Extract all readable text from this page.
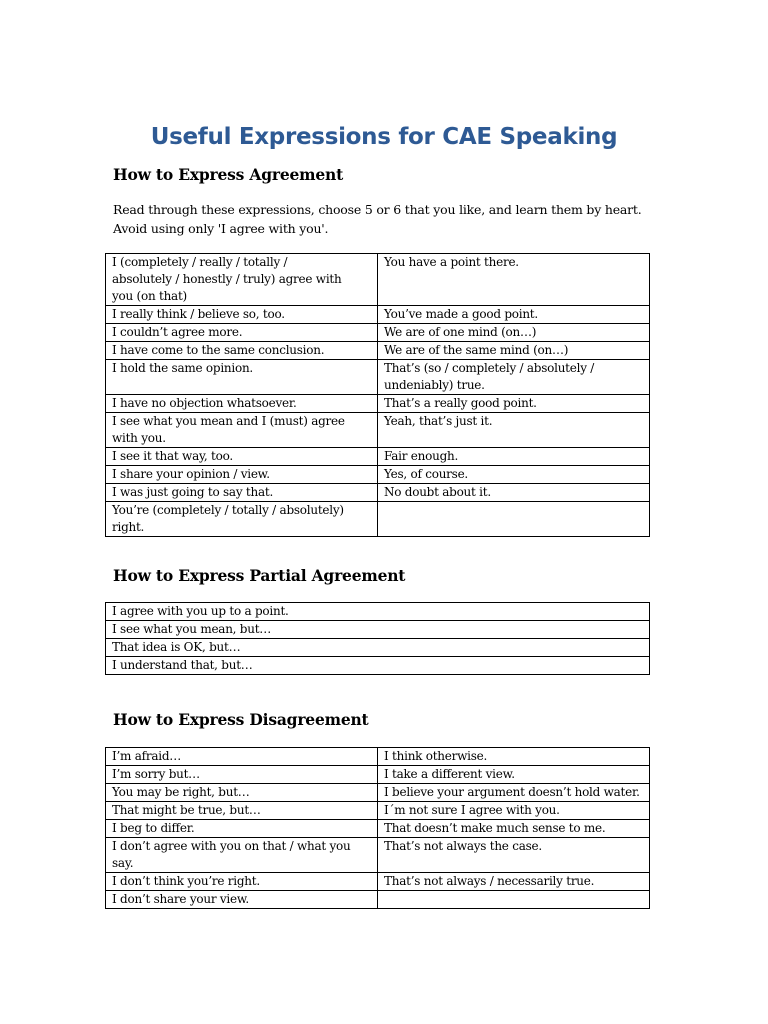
Useful Expressions for CAE Speaking
How to Express Agreement
Read through these expressions, choose 5 or 6 that you like, and learn them by heart. Avoid using only 'I agree with you'.
I (completely / really / totally /
absolutely / honestly / truly) agree with
you (on that)	You have a point there.
I really think / believe so, too.	You’ve made a good point.
I couldn’t agree more.	We are of one mind (on…)
I have come to the same conclusion.	We are of the same mind (on…)
I hold the same opinion.	That’s (so / completely / absolutely /
undeniably) true.
I have no objection whatsoever.	That’s a really good point.
I see what you mean and I (must) agree
with you.	Yeah, that’s just it.
I see it that way, too.	Fair enough.
I share your opinion / view.	Yes, of course.
I was just going to say that.	No doubt about it.
You’re (completely / totally / absolutely)
right.	
How to Express Partial Agreement
I agree with you up to a point.
I see what you mean, but…
That idea is OK, but…
I understand that, but…
How to Express Disagreement
I’m afraid…	I think otherwise.
I’m sorry but…	I take a different view.
You may be right, but…	I believe your argument doesn’t hold water.
That might be true, but…	I´m not sure I agree with you.
I beg to differ.	That doesn’t make much sense to me.
I don’t agree with you on that / what you
say.	That’s not always the case.
I don’t think you’re right.	That’s not always / necessarily true.
I don’t share your view.	
